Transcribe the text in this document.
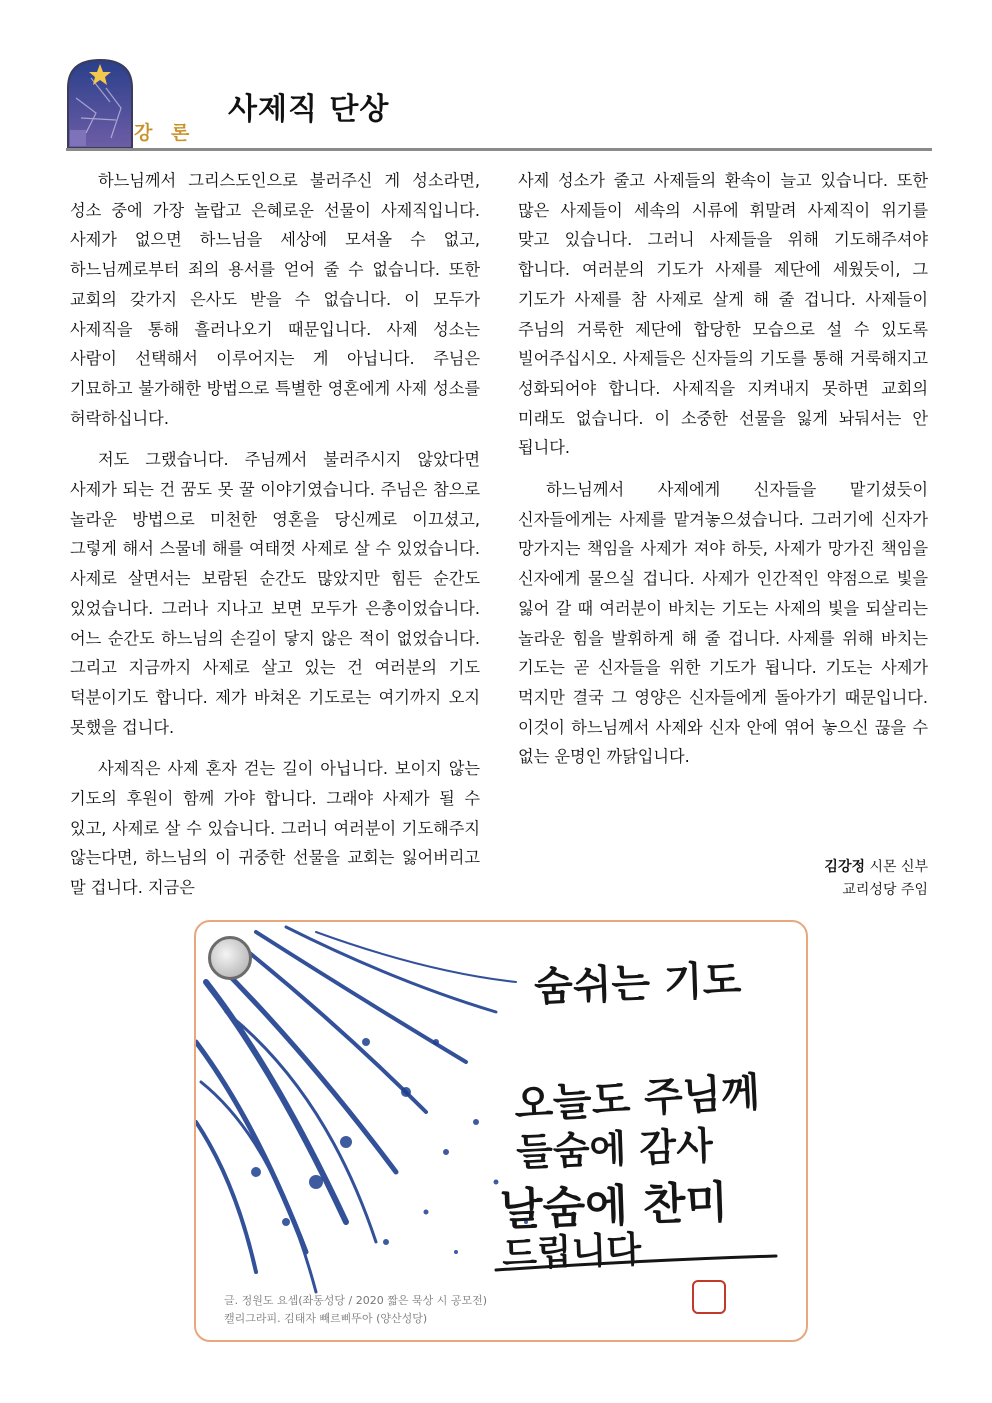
강 론
사제직 단상

하느님께서 그리스도인으로 불러주신 게 성소라면, 성소 중에 가장 놀랍고 은혜로운 선물이 사제직입니다. 사제가 없으면 하느님을 세상에 모셔올 수 없고, 하느님께로부터 죄의 용서를 얻어 줄 수 없습니다. 또한 교회의 갖가지 은사도 받을 수 없습니다. 이 모두가 사제직을 통해 흘러나오기 때문입니다. 사제 성소는 사람이 선택해서 이루어지는 게 아닙니다. 주님은 기묘하고 불가해한 방법으로 특별한 영혼에게 사제 성소를 허락하십니다.

저도 그랬습니다. 주님께서 불러주시지 않았다면 사제가 되는 건 꿈도 못 꿀 이야기였습니다. 주님은 참으로 놀라운 방법으로 미천한 영혼을 당신께로 이끄셨고, 그렇게 해서 스물네 해를 여태껏 사제로 살 수 있었습니다. 사제로 살면서는 보람된 순간도 많았지만 힘든 순간도 있었습니다. 그러나 지나고 보면 모두가 은총이었습니다. 어느 순간도 하느님의 손길이 닿지 않은 적이 없었습니다. 그리고 지금까지 사제로 살고 있는 건 여러분의 기도 덕분이기도 합니다. 제가 바쳐온 기도로는 여기까지 오지 못했을 겁니다.

사제직은 사제 혼자 걷는 길이 아닙니다. 보이지 않는 기도의 후원이 함께 가야 합니다. 그래야 사제가 될 수 있고, 사제로 살 수 있습니다. 그러니 여러분이 기도해주지 않는다면, 하느님의 이 귀중한 선물을 교회는 잃어버리고 말 겁니다. 지금은

사제 성소가 줄고 사제들의 환속이 늘고 있습니다. 또한 많은 사제들이 세속의 시류에 휘말려 사제직이 위기를 맞고 있습니다. 그러니 사제들을 위해 기도해주셔야 합니다. 여러분의 기도가 사제를 제단에 세웠듯이, 그 기도가 사제를 참 사제로 살게 해 줄 겁니다. 사제들이 주님의 거룩한 제단에 합당한 모습으로 설 수 있도록 빌어주십시오. 사제들은 신자들의 기도를 통해 거룩해지고 성화되어야 합니다. 사제직을 지켜내지 못하면 교회의 미래도 없습니다. 이 소중한 선물을 잃게 놔둬서는 안 됩니다.

하느님께서 사제에게 신자들을 맡기셨듯이 신자들에게는 사제를 맡겨놓으셨습니다. 그러기에 신자가 망가지는 책임을 사제가 져야 하듯, 사제가 망가진 책임을 신자에게 물으실 겁니다. 사제가 인간적인 약점으로 빛을 잃어 갈 때 여러분이 바치는 기도는 사제의 빛을 되살리는 놀라운 힘을 발휘하게 해 줄 겁니다. 사제를 위해 바치는 기도는 곧 신자들을 위한 기도가 됩니다. 기도는 사제가 먹지만 결국 그 영양은 신자들에게 돌아가기 때문입니다. 이것이 하느님께서 사제와 신자 안에 엮어 놓으신 끊을 수 없는 운명인 까닭입니다.

김강정 시몬 신부
교리성당 주임
숨쉬는 기도
오늘도 주님께
들숨에 감사
날숨에 찬미
드립니다
글. 정원도 요셉(좌동성당 / 2020 짧은 묵상 시 공모전)
캘리그라피. 김태자 빼르삐뚜아 (양산성당)
